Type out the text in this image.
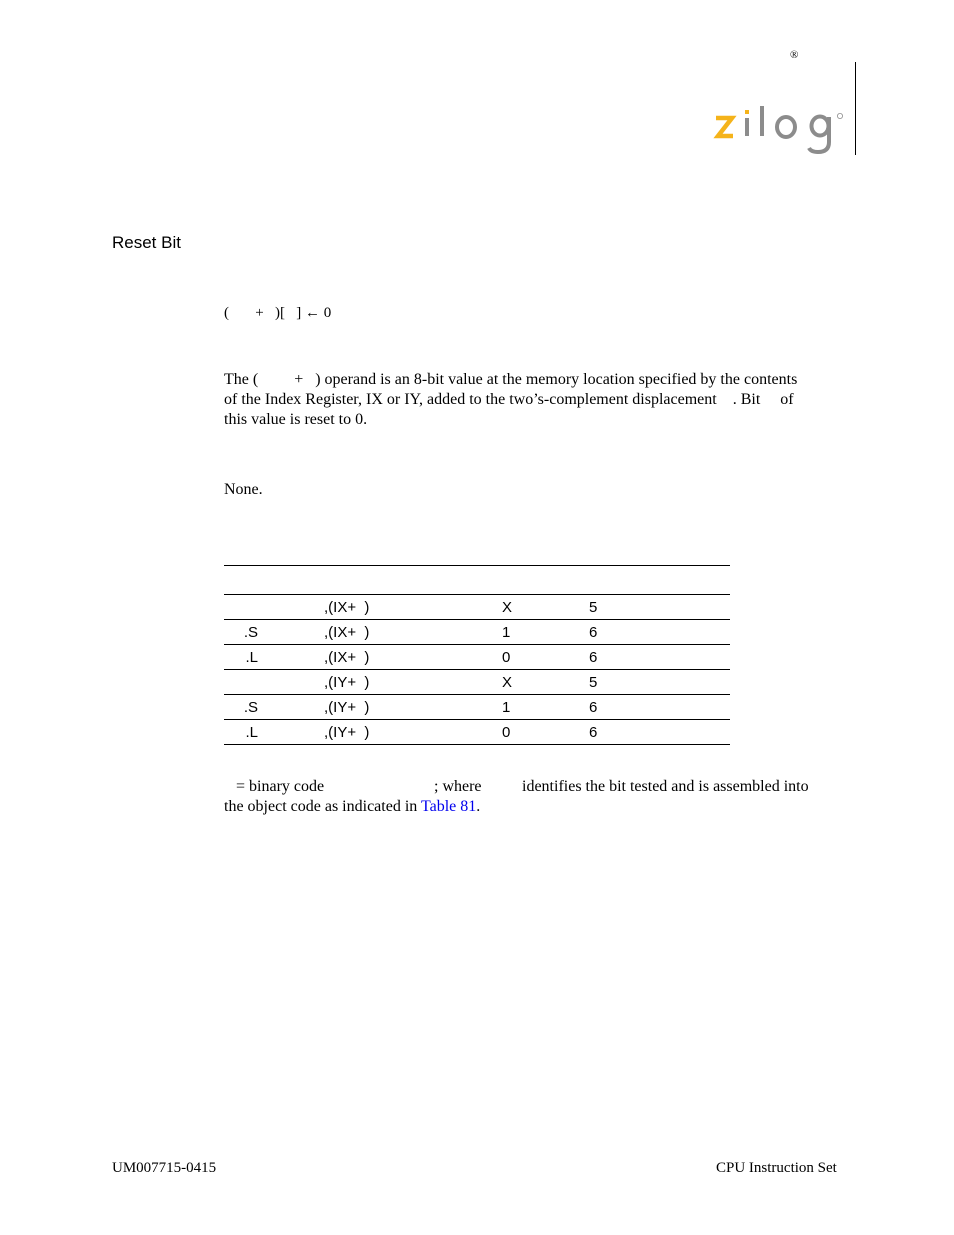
®
Reset Bit
(       +   )[   ] ← 0
The (         +   ) operand is an 8-bit value at the memory location specified by the contents
of the Index Register, IX or IY, added to the two’s-complement displacement    . Bit     of
this value is reset to 0.
None.

	,(IX+  )	X	5	
.S	,(IX+  )	1	6	
.L	,(IX+  )	0	6	
	,(IY+  )	X	5	
.S	,(IY+  )	1	6	
.L	,(IY+  )	0	6	
= binary code	; where	identifies the bit tested and is assembled into
the object code as indicated in Table 81.
UM007715-0415	CPU Instruction Set
